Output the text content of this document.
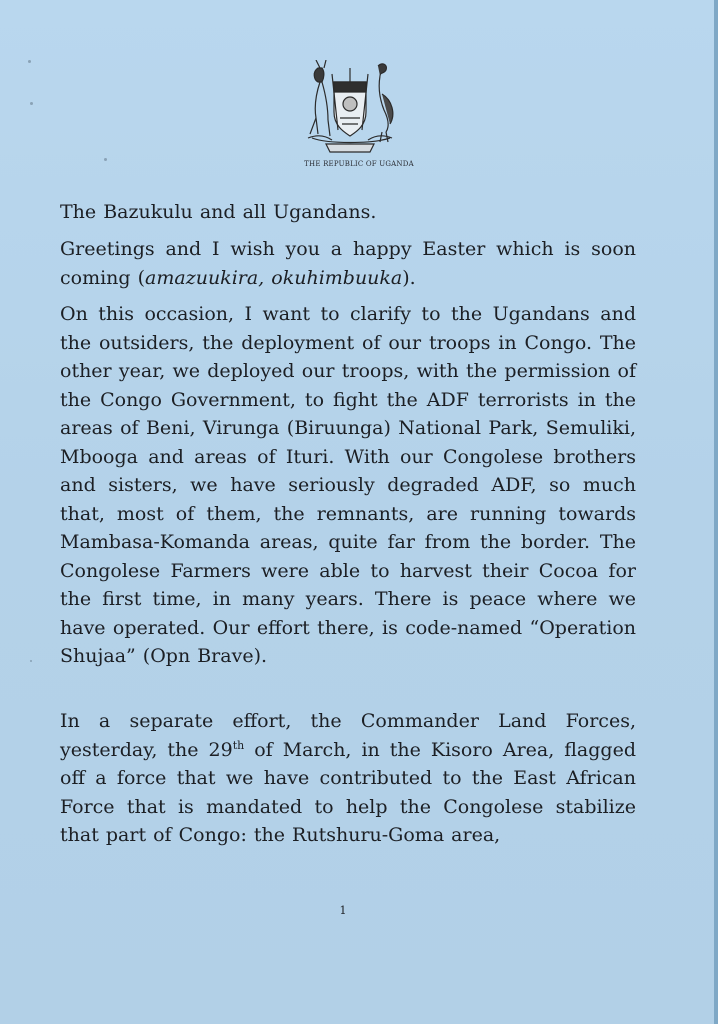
THE REPUBLIC OF UGANDA

The Bazukulu and all Ugandans.

Greetings and I wish you a happy Easter which is soon coming (amazuukira, okuhimbuuka).

On this occasion, I want to clarify to the Ugandans and the outsiders, the deployment of our troops in Congo. The other year, we deployed our troops, with the permission of the Congo Government, to fight the ADF terrorists in the areas of Beni, Virunga (Biruunga) National Park, Semuliki, Mbooga and areas of Ituri. With our Congolese brothers and sisters, we have seriously degraded ADF, so much that, most of them, the remnants, are running towards Mambasa-Komanda areas, quite far from the border. The Congolese Farmers were able to harvest their Cocoa for the first time, in many years. There is peace where we have operated. Our effort there, is code-named “Operation Shujaa” (Opn Brave).

In a separate effort, the Commander Land Forces, yesterday, the 29th of March, in the Kisoro Area, flagged off a force that we have contributed to the East African Force that is mandated to help the Congolese stabilize that part of Congo: the Rutshuru-Goma area,

1
